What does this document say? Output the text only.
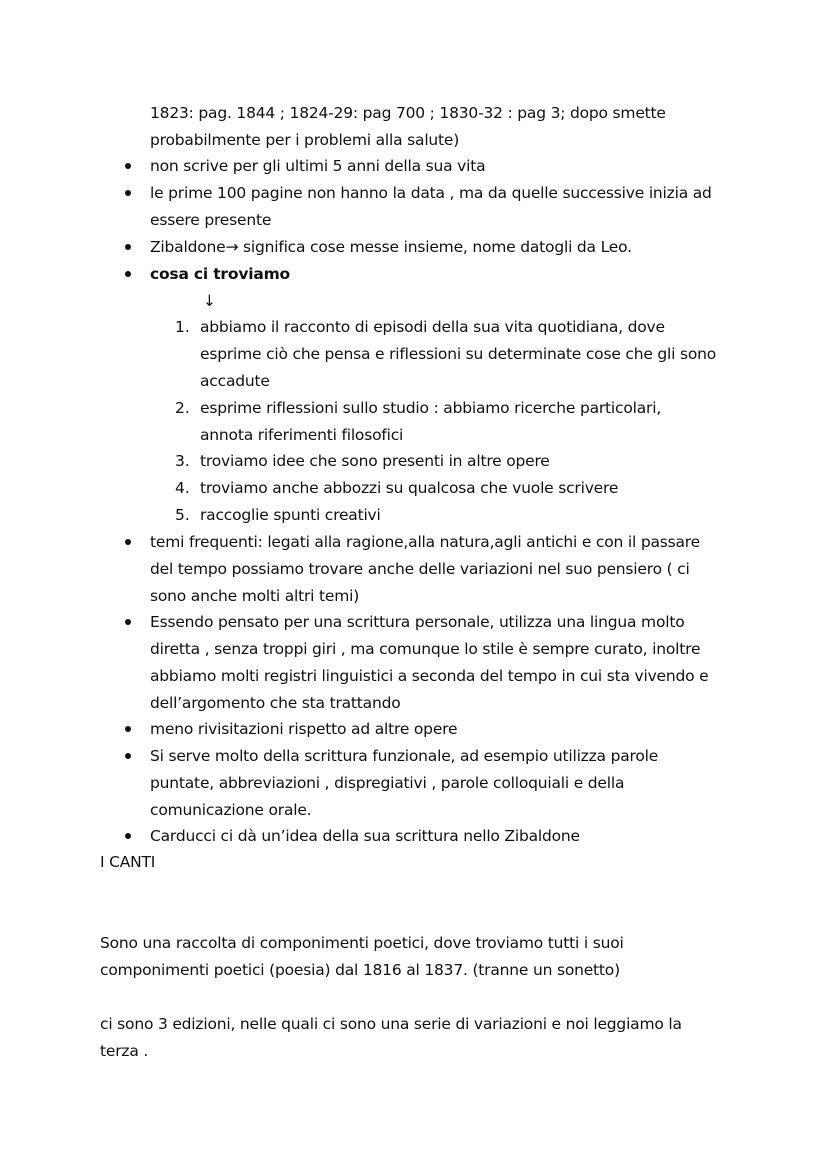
1823: pag. 1844 ; 1824-29: pag 700 ; 1830-32 : pag 3; dopo smette
probabilmente per i problemi alla salute)
non scrive per gli ultimi 5 anni della sua vita
le prime 100 pagine non hanno la data , ma da quelle successive inizia ad
essere presente
Zibaldone→ significa cose messe insieme, nome datogli da Leo.
cosa ci troviamo
↓
1. abbiamo il racconto di episodi della sua vita quotidiana, dove
esprime ciò che pensa e riflessioni su determinate cose che gli sono
accadute
2. esprime riflessioni sullo studio : abbiamo ricerche particolari,
annota riferimenti filosofici
3. troviamo idee che sono presenti in altre opere
4. troviamo anche abbozzi su qualcosa che vuole scrivere
5. raccoglie spunti creativi
temi frequenti: legati alla ragione,alla natura,agli antichi e con il passare
del tempo possiamo trovare anche delle variazioni nel suo pensiero ( ci
sono anche molti altri temi)
Essendo pensato per una scrittura personale, utilizza una lingua molto
diretta , senza troppi giri , ma comunque lo stile è sempre curato, inoltre
abbiamo molti registri linguistici a seconda del tempo in cui sta vivendo e
dell’argomento che sta trattando
meno rivisitazioni rispetto ad altre opere
Si serve molto della scrittura funzionale, ad esempio utilizza parole
puntate, abbreviazioni , dispregiativi , parole colloquiali e della
comunicazione orale.
Carducci ci dà un’idea della sua scrittura nello Zibaldone
I CANTI
Sono una raccolta di componimenti poetici, dove troviamo tutti i suoi
componimenti poetici (poesia) dal 1816 al 1837. (tranne un sonetto)
ci sono 3 edizioni, nelle quali ci sono una serie di variazioni e noi leggiamo la
terza .
